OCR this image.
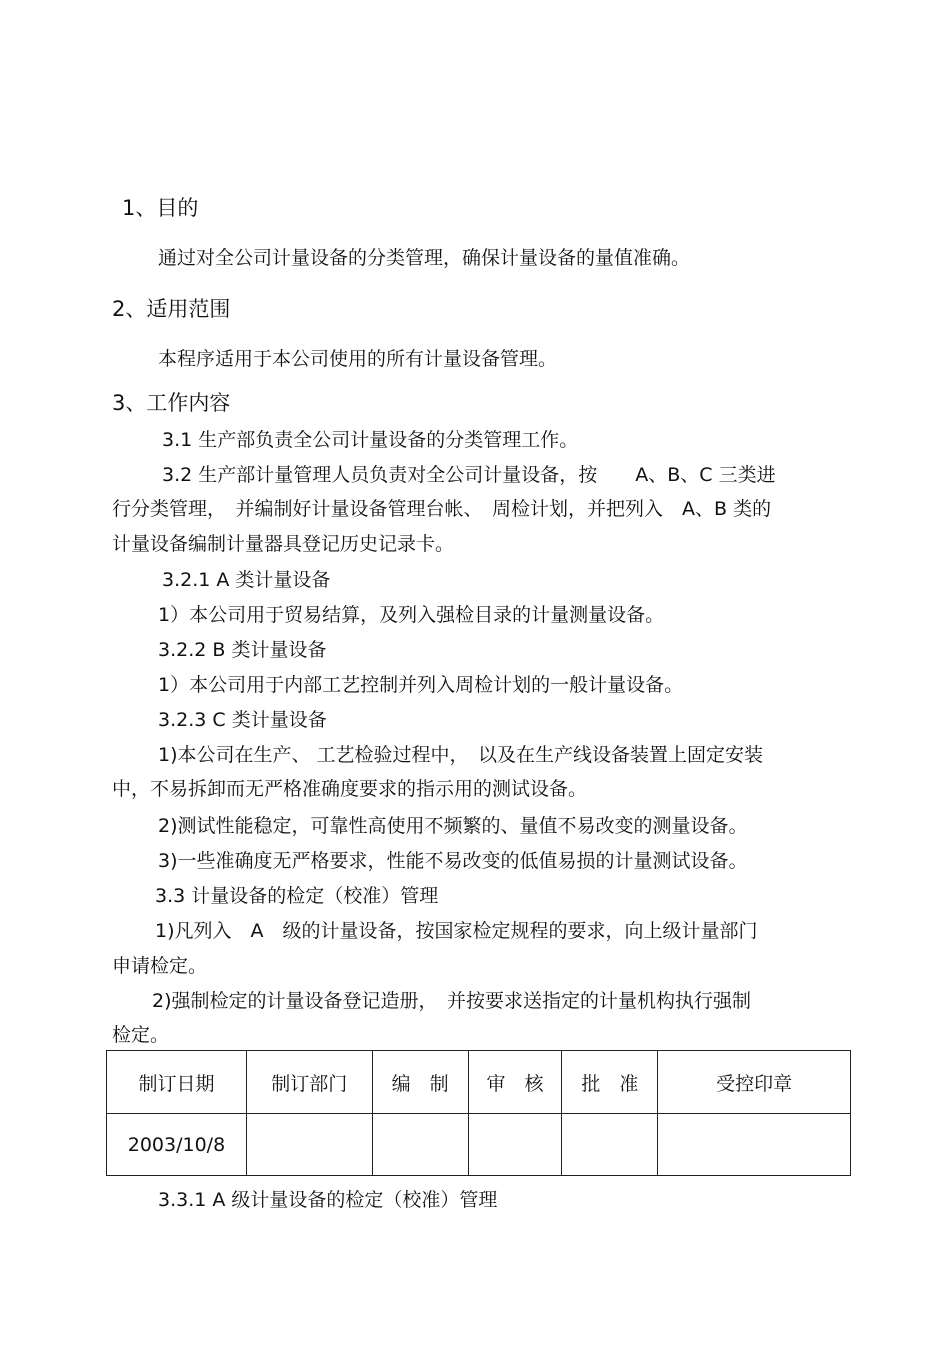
1、目的
通过对全公司计量设备的分类管理，确保计量设备的量值准确。
2、适用范围
本程序适用于本公司使用的所有计量设备管理。
3、工作内容
3.1 生产部负责全公司计量设备的分类管理工作。
3.2 生产部计量管理人员负责对全公司计量设备，按　　A、B、C 三类进
行分类管理，　并编制好计量设备管理台帐、　周检计划，并把列入　A、B 类的
计量设备编制计量器具登记历史记录卡。
3.2.1 A 类计量设备
1）本公司用于贸易结算，及列入强检目录的计量测量设备。
3.2.2 B 类计量设备
1）本公司用于内部工艺控制并列入周检计划的一般计量设备。
3.2.3 C 类计量设备
1)本公司在生产、 工艺检验过程中，　以及在生产线设备装置上固定安装
中，不易拆卸而无严格准确度要求的指示用的测试设备。
2)测试性能稳定，可靠性高使用不频繁的、量值不易改变的测量设备。
3)一些准确度无严格要求，性能不易改变的低值易损的计量测试设备。
3.3 计量设备的检定（校准）管理
1)凡列入　A　级的计量设备，按国家检定规程的要求，向上级计量部门
申请检定。
2)强制检定的计量设备登记造册，　并按要求送指定的计量机构执行强制
检定。
制订日期	制订部门	编　制	审　核	批　准	受控印章
2003/10/8					
3.3.1 A 级计量设备的检定（校准）管理
